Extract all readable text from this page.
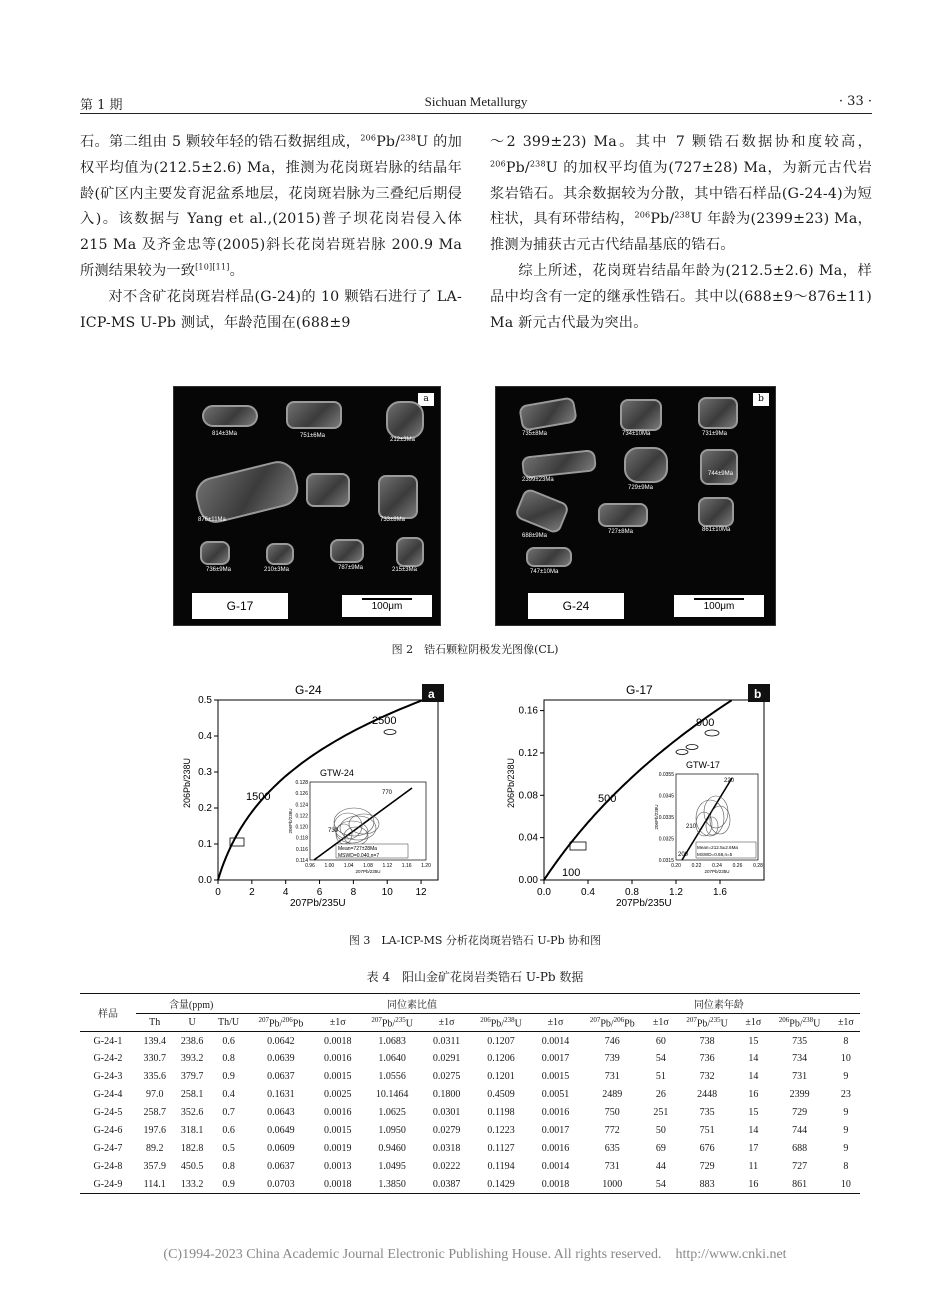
第 1 期	Sichuan Metallurgy	· 33 ·

石。第二组由 5 颗较年轻的锆石数据组成，$^{206}$Pb/$^{238}$U 的加权平均值为(212.5±2.6) Ma，推测为花岗斑岩脉的结晶年龄(矿区内主要发育泥盆系地层，花岗斑岩脉为三叠纪后期侵入)。该数据与 Yang et al.,(2015)普子坝花岗岩侵入体 215 Ma 及齐金忠等(2005)斜长花岗岩斑岩脉 200.9 Ma 所测结果较为一致[10][11]。

对不含矿花岗斑岩样品(G-24)的 10 颗锆石进行了 LA-ICP-MS U-Pb 测试，年龄范围在(688±9

～2 399±23) Ma。其中 7 颗锆石数据协和度较高，$^{206}$Pb/$^{238}$U 的加权平均值为(727±28) Ma，为新元古代岩浆岩锆石。其余数据较为分散，其中锆石样品(G-24-4)为短柱状，具有环带结构，$^{206}$Pb/$^{238}$U 年龄为(2399±23) Ma，推测为捕获古元古代结晶基底的锆石。

综上所述，花岗斑岩结晶年龄为(212.5±2.6) Ma，样品中均含有一定的继承性锆石。其中以(688±9～876±11) Ma 新元古代最为突出。

a
814±3Ma	751±6Ma
212±3Ma
876±11Ma	733±8Ma
736±9Ma	210±3Ma	787±9Ma	215±3Ma
G-17	100μm
b
735±8Ma	734±10Ma	731±9Ma
2399±23Ma
729±9Ma
744±9Ma
688±9Ma
727±8Ma	861±10Ma
747±10Ma
G-24	100μm
图 2　锆石颗粒阴极发光图像(CL)
0	2	4	6	8	10 12
0.0
0.1
0.2
0.3
0.4
0.5
G-24	a
1500
2500
207Pb/235U
206Pb/238U	GTW-24
770
730
Mean=727±28Ma
MSWD=0.040,n=7
0.96 1.00 1.04 1.08 1.12 1.16 1.20
0.114
0.116
0.118
0.120
0.122
0.124
0.126
0.128
207Pb/235U
206Pb/238U
0.0	0.4	0.8	1.2	1.6
0.00
0.04
0.08
0.12
0.16
G-17	b
100
500
900
207Pb/235U
206Pb/238U	GTW-17
220
210
200
Mean=212.5±2.6Ma
MSWD=0.68,n=5
0.20 0.22 0.24 0.26 0.28
0.0315
0.0325
0.0335
0.0345
0.0355
207Pb/235U
206Pb/238U
图 3　LA-ICP-MS 分析花岗斑岩锆石 U-Pb 协和图
表 4　阳山金矿花岗岩类锆石 U-Pb 数据
样品	含量(ppm)			同位素比值						同位素年龄					
	Th	U	Th/U	$^{207}$Pb/$^{206}$Pb	±1σ	$^{207}$Pb/$^{235}$U	±1σ	$^{206}$Pb/$^{238}$U	±1σ	$^{207}$Pb/$^{206}$Pb	±1σ	$^{207}$Pb/$^{235}$U	±1σ	$^{206}$Pb/$^{238}$U	±1σ
G-24-1	139.4	238.6	0.6	0.0642	0.0018	1.0683	0.0311	0.1207	0.0014	746	60	738	15	735	8
G-24-2	330.7	393.2	0.8	0.0639	0.0016	1.0640	0.0291	0.1206	0.0017	739	54	736	14	734	10
G-24-3	335.6	379.7	0.9	0.0637	0.0015	1.0556	0.0275	0.1201	0.0015	731	51	732	14	731	9
G-24-4	97.0	258.1	0.4	0.1631	0.0025	10.1464	0.1800	0.4509	0.0051	2489	26	2448	16	2399	23
G-24-5	258.7	352.6	0.7	0.0643	0.0016	1.0625	0.0301	0.1198	0.0016	750	251	735	15	729	9
G-24-6	197.6	318.1	0.6	0.0649	0.0015	1.0950	0.0279	0.1223	0.0017	772	50	751	14	744	9
G-24-7	89.2	182.8	0.5	0.0609	0.0019	0.9460	0.0318	0.1127	0.0016	635	69	676	17	688	9
G-24-8	357.9	450.5	0.8	0.0637	0.0013	1.0495	0.0222	0.1194	0.0014	731	44	729	11	727	8
G-24-9	114.1	133.2	0.9	0.0703	0.0018	1.3850	0.0387	0.1429	0.0018	1000	54	883	16	861	10
(C)1994-2023 China Academic Journal Electronic Publishing House. All rights reserved.　http://www.cnki.net
